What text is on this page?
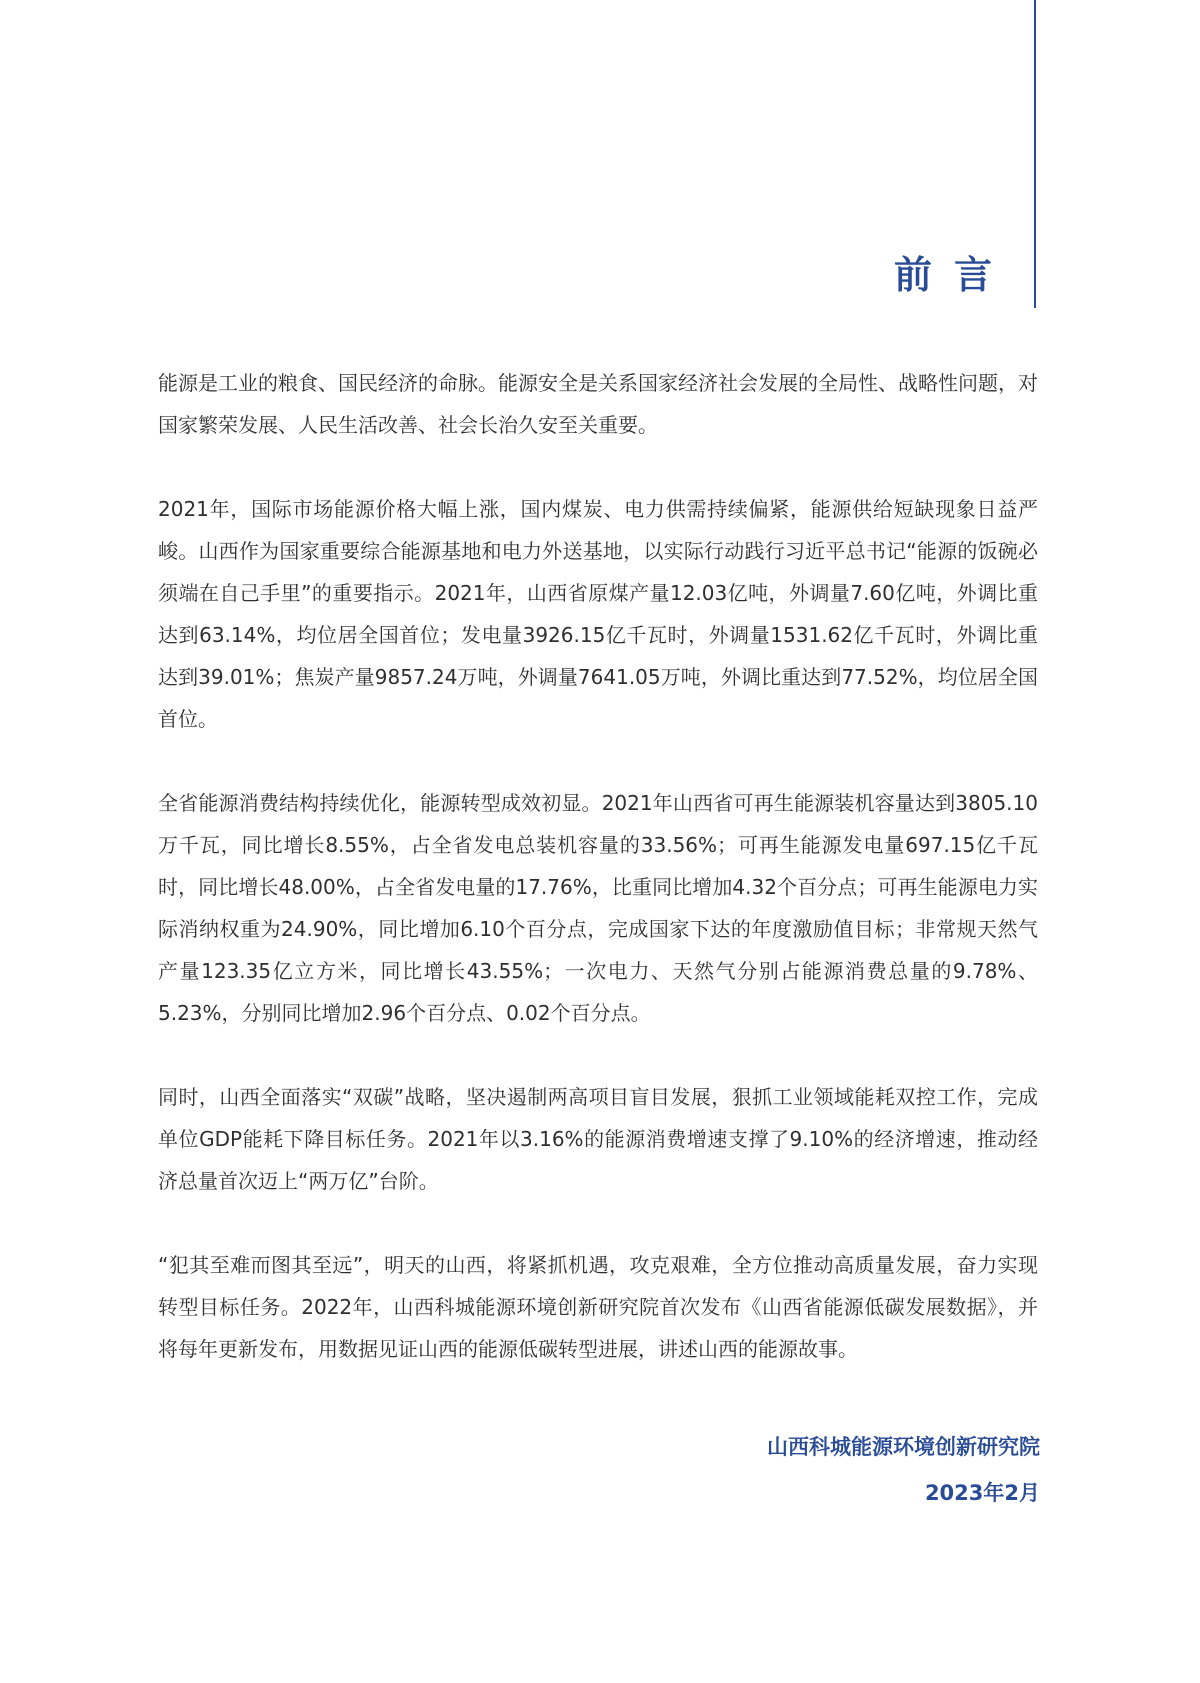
前言

能源是工业的粮食、国民经济的命脉。能源安全是关系国家经济社会发展的全局性、战略性问题，对国家繁荣发展、人民生活改善、社会长治久安至关重要。

2021年，国际市场能源价格大幅上涨，国内煤炭、电力供需持续偏紧，能源供给短缺现象日益严峻。山西作为国家重要综合能源基地和电力外送基地，以实际行动践行习近平总书记“能源的饭碗必须端在自己手里”的重要指示。2021年，山西省原煤产量12.03亿吨，外调量7.60亿吨，外调比重达到63.14%，均位居全国首位；发电量3926.15亿千瓦时，外调量1531.62亿千瓦时，外调比重达到39.01%；焦炭产量9857.24万吨，外调量7641.05万吨，外调比重达到77.52%，均位居全国首位。

全省能源消费结构持续优化，能源转型成效初显。2021年山西省可再生能源装机容量达到3805.10万千瓦，同比增长8.55%，占全省发电总装机容量的33.56%；可再生能源发电量697.15亿千瓦时，同比增长48.00%，占全省发电量的17.76%，比重同比增加4.32个百分点；可再生能源电力实际消纳权重为24.90%，同比增加6.10个百分点，完成国家下达的年度激励值目标；非常规天然气产量123.35亿立方米，同比增长43.55%；一次电力、天然气分别占能源消费总量的9.78%、5.23%，分别同比增加2.96个百分点、0.02个百分点。

同时，山西全面落实“双碳”战略，坚决遏制两高项目盲目发展，狠抓工业领域能耗双控工作，完成单位GDP能耗下降目标任务。2021年以3.16%的能源消费增速支撑了9.10%的经济增速，推动经济总量首次迈上“两万亿”台阶。

“犯其至难而图其至远”，明天的山西，将紧抓机遇，攻克艰难，全方位推动高质量发展，奋力实现转型目标任务。2022年，山西科城能源环境创新研究院首次发布《山西省能源低碳发展数据》，并将每年更新发布，用数据见证山西的能源低碳转型进展，讲述山西的能源故事。

山西科城能源环境创新研究院
2023年2月
